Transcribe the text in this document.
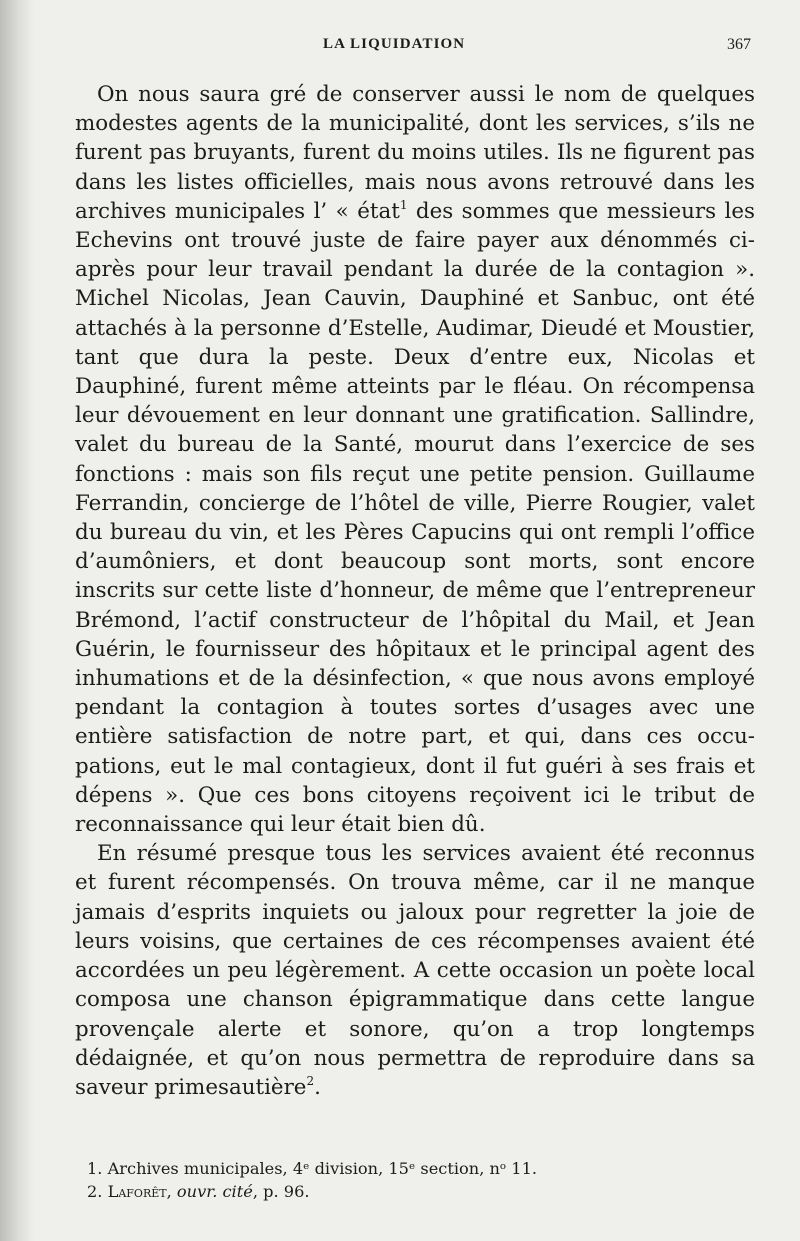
LA LIQUIDATION	367

On nous saura gré de conserver aussi le nom de quelques modestes agents de la municipalité, dont les services, s’ils ne furent pas bruyants, furent du moins utiles. Ils ne figurent pas dans les listes officielles, mais nous avons retrouvé dans les archives municipales l’ « état$^1$ des sommes que messieurs les Echevins ont trouvé juste de faire payer aux dénommés ci-après pour leur travail pendant la durée de la contagion ». Michel Nicolas, Jean Cauvin, Dauphiné et Sanbuc, ont été attachés à la personne d’Estelle, Audimar, Dieudé et Moustier, tant que dura la peste. Deux d’entre eux, Nicolas et Dauphiné, furent même atteints par le fléau. On récompensa leur dévouement en leur donnant une gratification. Sallindre, valet du bureau de la Santé, mourut dans l’exercice de ses fonctions : mais son fils reçut une petite pension. Guillaume Ferrandin, concierge de l’hôtel de ville, Pierre Rougier, valet du bureau du vin, et les Pères Capucins qui ont rempli l’office d’aumôniers, et dont beaucoup sont morts, sont encore inscrits sur cette liste d’honneur, de même que l’entrepreneur Brémond, l’actif constructeur de l’hôpital du Mail, et Jean Guérin, le fournisseur des hôpitaux et le principal agent des inhumations et de la désinfection, « que nous avons employé pendant la contagion à toutes sortes d’usages avec une entière satisfaction de notre part, et qui, dans ces occupations, eut le mal contagieux, dont il fut guéri à ses frais et dépens ». Que ces bons citoyens reçoivent ici le tribut de reconnaissance qui leur était bien dû.

En résumé presque tous les services avaient été reconnus et furent récompensés. On trouva même, car il ne manque jamais d’esprits inquiets ou jaloux pour regretter la joie de leurs voisins, que certaines de ces récompenses avaient été accordées un peu légèrement. A cette occasion un poète local composa une chanson épigrammatique dans cette langue provençale alerte et sonore, qu’on a trop longtemps dédaignée, et qu’on nous permettra de reproduire dans sa saveur primesautière$^2$.

1. Archives municipales, 4ᵉ division, 15ᵉ section, nᵒ 11.
2. Laforêt, ouvr. cité, p. 96.
